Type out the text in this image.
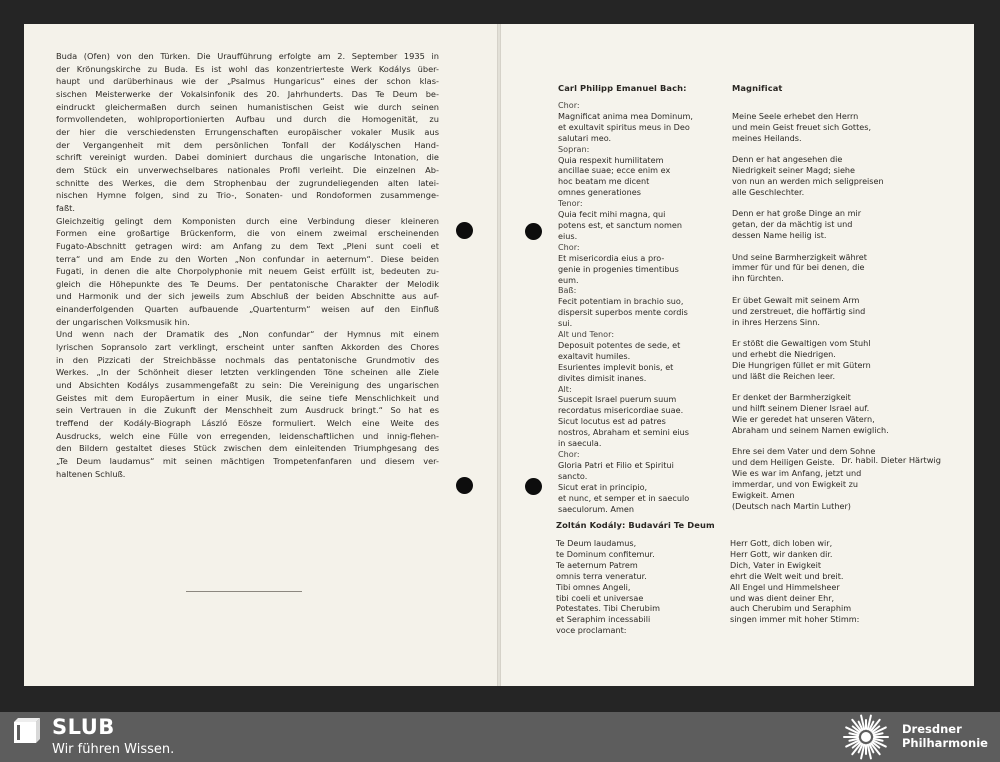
Buda (Ofen) von den Türken. Die Uraufführung erfolgte am 2. September 1935 in
der Krönungskirche zu Buda. Es ist wohl das konzentrierteste Werk Kodálys über-
haupt und darüberhinaus wie der „Psalmus Hungaricus“ eines der schon klas-
sischen Meisterwerke der Vokalsinfonik des 20. Jahrhunderts. Das Te Deum be-
eindruckt gleichermaßen durch seinen humanistischen Geist wie durch seinen
formvollendeten, wohlproportionierten Aufbau und durch die Homogenität, zu
der hier die verschiedensten Errungenschaften europäischer vokaler Musik aus
der Vergangenheit mit dem persönlichen Tonfall der Kodályschen Hand-
schrift vereinigt wurden. Dabei dominiert durchaus die ungarische Intonation, die
dem Stück ein unverwechselbares nationales Profil verleiht. Die einzelnen Ab-
schnitte des Werkes, die dem Strophenbau der zugrundeliegenden alten latei-
nischen Hymne folgen, sind zu Trio-, Sonaten- und Rondoformen zusammenge-
faßt.
Gleichzeitig gelingt dem Komponisten durch eine Verbindung dieser kleineren
Formen eine großartige Brückenform, die von einem zweimal erscheinenden
Fugato-Abschnitt getragen wird: am Anfang zu dem Text „Pleni sunt coeli et
terra“ und am Ende zu den Worten „Non confundar in aeternum“. Diese beiden
Fugati, in denen die alte Chorpolyphonie mit neuem Geist erfüllt ist, bedeuten zu-
gleich die Höhepunkte des Te Deums. Der pentatonische Charakter der Melodik
und Harmonik und der sich jeweils zum Abschluß der beiden Abschnitte aus auf-
einanderfolgenden Quarten aufbauende „Quartenturm“ weisen auf den Einfluß
der ungarischen Volksmusik hin.
Und wenn nach der Dramatik des „Non confundar“ der Hymnus mit einem
lyrischen Sopransolo zart verklingt, erscheint unter sanften Akkorden des Chores
in den Pizzicati der Streichbässe nochmals das pentatonische Grundmotiv des
Werkes. „In der Schönheit dieser letzten verklingenden Töne scheinen alle Ziele
und Absichten Kodálys zusammengefaßt zu sein: Die Vereinigung des ungarischen
Geistes mit dem Europäertum in einer Musik, die seine tiefe Menschlichkeit und
sein Vertrauen in die Zukunft der Menschheit zum Ausdruck bringt.“ So hat es
treffend der Kodály-Biograph László Eösze formuliert. Welch eine Weite des
Ausdrucks, welch eine Fülle von erregenden, leidenschaftlichen und innig-flehen-
den Bildern gestaltet dieses Stück zwischen dem einleitenden Triumphgesang des
„Te Deum laudamus“ mit seinen mächtigen Trompetenfanfaren und diesem ver-
haltenen Schluß.
Dr. habil. Dieter Härtwig
Carl Philipp Emanuel Bach:	Magnificat
Chor:
Magnificat anima mea Dominum,
et exultavit spiritus meus in Deo
salutari meo.
Sopran:
Quia respexit humilitatem
ancillae suae; ecce enim ex
hoc beatam me dicent
omnes generationes
Tenor:
Quia fecit mihi magna, qui
potens est, et sanctum nomen
eius.
Chor:
Et misericordia eius a pro-
genie in progenies timentibus
eum.
Baß:
Fecit potentiam in brachio suo,
dispersit superbos mente cordis
sui.
Alt und Tenor:
Deposuit potentes de sede, et
exaltavit humiles.
Esurientes implevit bonis, et
divites dimisit inanes.
Alt:
Suscepit Israel puerum suum
recordatus misericordiae suae.
Sicut locutus est ad patres
nostros, Abraham et semini eius
in saecula.
Chor:
Gloria Patri et Filio et Spiritui
sancto.
Sicut erat in principio,
et nunc, et semper et in saeculo
saeculorum. Amen
Meine Seele erhebet den Herrn
und mein Geist freuet sich Gottes,
meines Heilands.
Denn er hat angesehen die
Niedrigkeit seiner Magd; siehe
von nun an werden mich seligpreisen
alle Geschlechter.
Denn er hat große Dinge an mir
getan, der da mächtig ist und
dessen Name heilig ist.
Und seine Barmherzigkeit währet
immer für und für bei denen, die
ihn fürchten.
Er übet Gewalt mit seinem Arm
und zerstreuet, die hoffärtig sind
in ihres Herzens Sinn.
Er stößt die Gewaltigen vom Stuhl
und erhebt die Niedrigen.
Die Hungrigen füllet er mit Gütern
und läßt die Reichen leer.
Er denket der Barmherzigkeit
und hilft seinem Diener Israel auf.
Wie er geredet hat unseren Vätern,
Abraham und seinem Namen ewiglich.
Ehre sei dem Vater und dem Sohne
und dem Heiligen Geiste.
Wie es war im Anfang, jetzt und
immerdar, und von Ewigkeit zu
Ewigkeit. Amen
(Deutsch nach Martin Luther)
Zoltán Kodály: Budavári Te Deum
Te Deum laudamus,
te Dominum confitemur.
Te aeternum Patrem
omnis terra veneratur.
Tibi omnes Angeli,
tibi coeli et universae
Potestates. Tibi Cherubim
et Seraphim incessabili
voce proclamant:
Herr Gott, dich loben wir,
Herr Gott, wir danken dir.
Dich, Vater in Ewigkeit
ehrt die Welt weit und breit.
All Engel und Himmelsheer
und was dient deiner Ehr,
auch Cherubim und Seraphim
singen immer mit hoher Stimm:
SLUB
Wir führen Wissen.
Dresdner
Philharmonie
